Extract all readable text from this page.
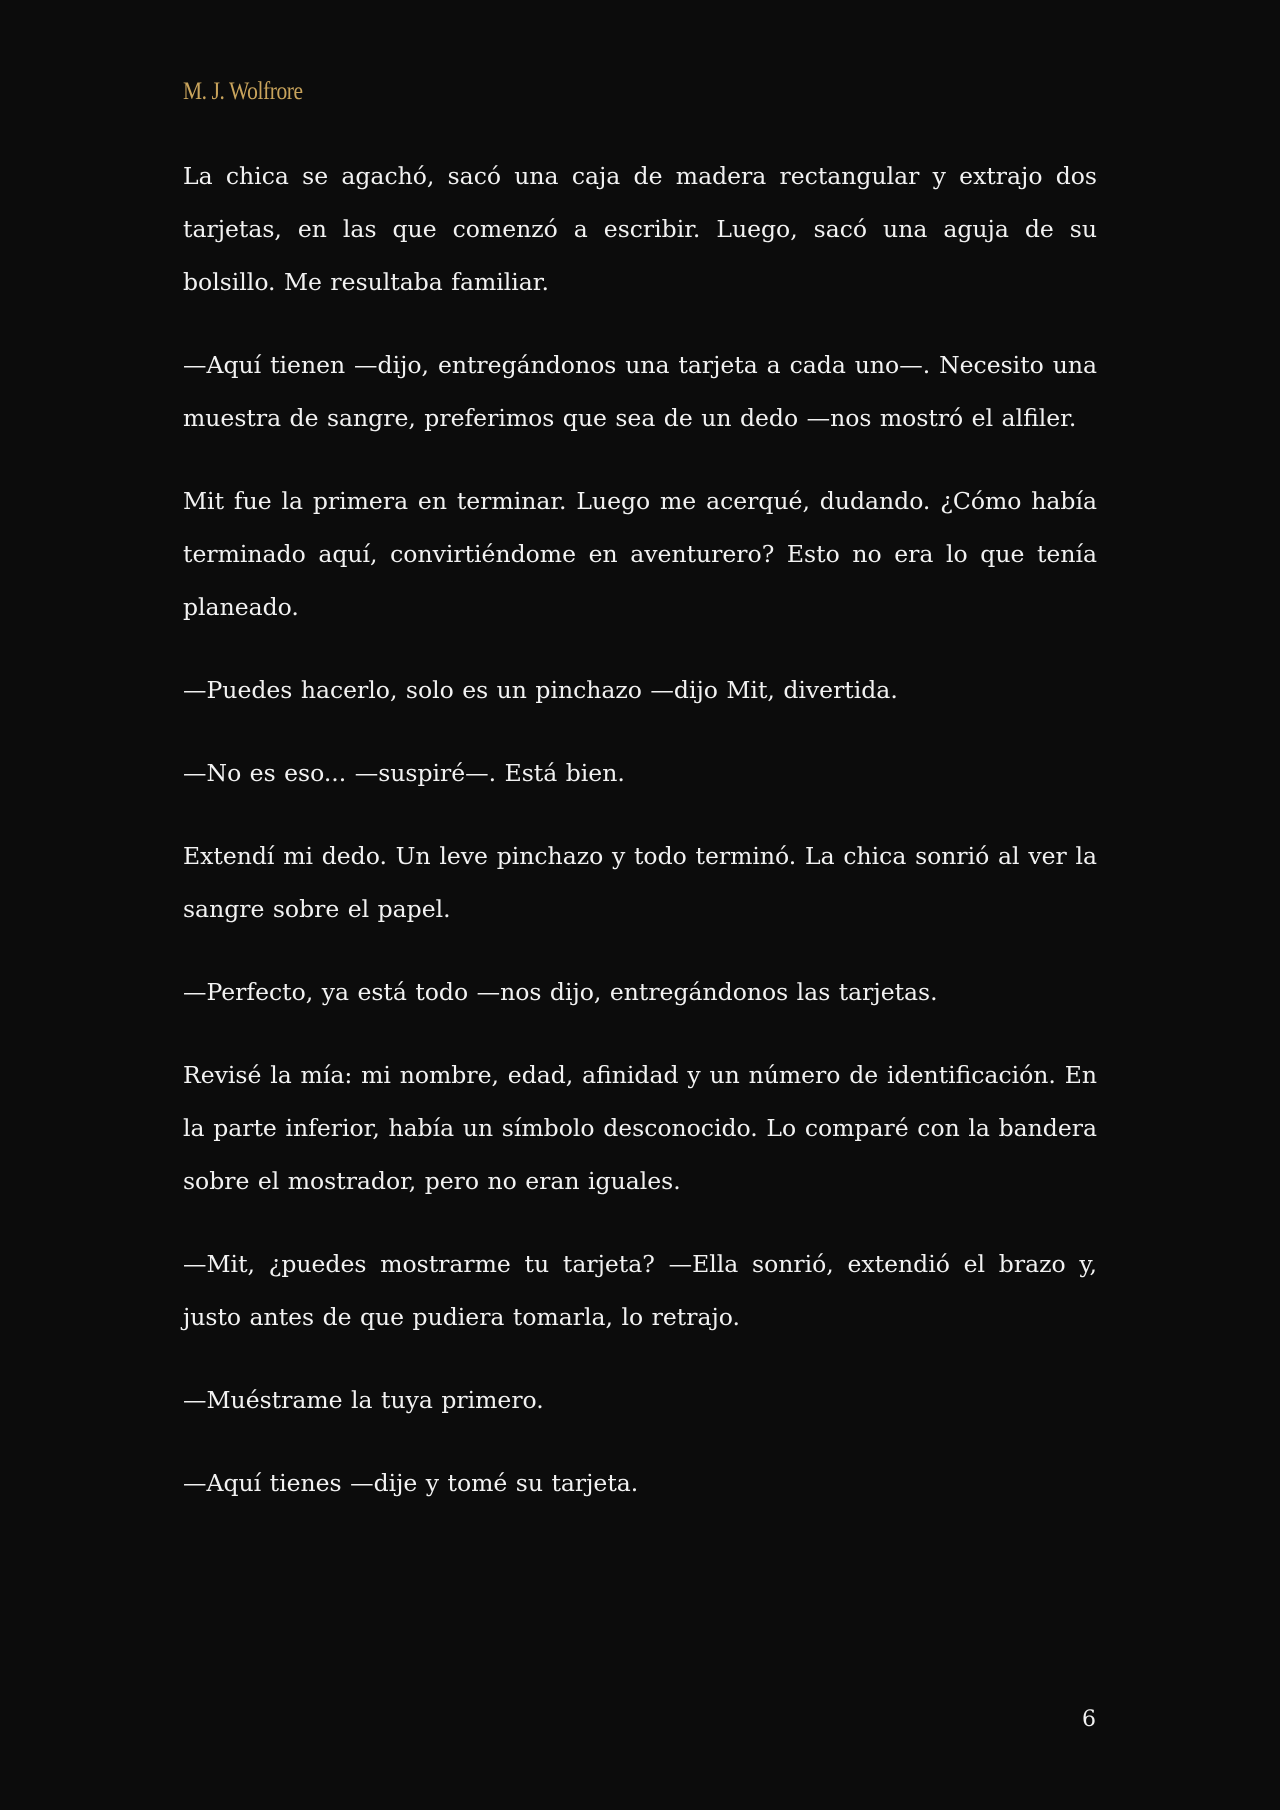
M. J. Wolfrore

La chica se agachó, sacó una caja de madera rectangular y extrajo dos tarjetas, en las que comenzó a escribir. Luego, sacó una aguja de su bolsillo. Me resultaba familiar.

—Aquí tienen —dijo, entregándonos una tarjeta a cada uno—. Necesito una muestra de sangre, preferimos que sea de un dedo —nos mostró el alfiler.

Mit fue la primera en terminar. Luego me acerqué, dudando. ¿Cómo había terminado aquí, convirtiéndome en aventurero? Esto no era lo que tenía planeado.

—Puedes hacerlo, solo es un pinchazo —dijo Mit, divertida.

—No es eso... —suspiré—. Está bien.

Extendí mi dedo. Un leve pinchazo y todo terminó. La chica sonrió al ver la sangre sobre el papel.

—Perfecto, ya está todo —nos dijo, entregándonos las tarjetas.

Revisé la mía: mi nombre, edad, afinidad y un número de identificación. En la parte inferior, había un símbolo desconocido. Lo comparé con la bandera sobre el mostrador, pero no eran iguales.

—Mit, ¿puedes mostrarme tu tarjeta? —Ella sonrió, extendió el brazo y, justo antes de que pudiera tomarla, lo retrajo.

—Muéstrame la tuya primero.

—Aquí tienes —dije y tomé su tarjeta.

6
